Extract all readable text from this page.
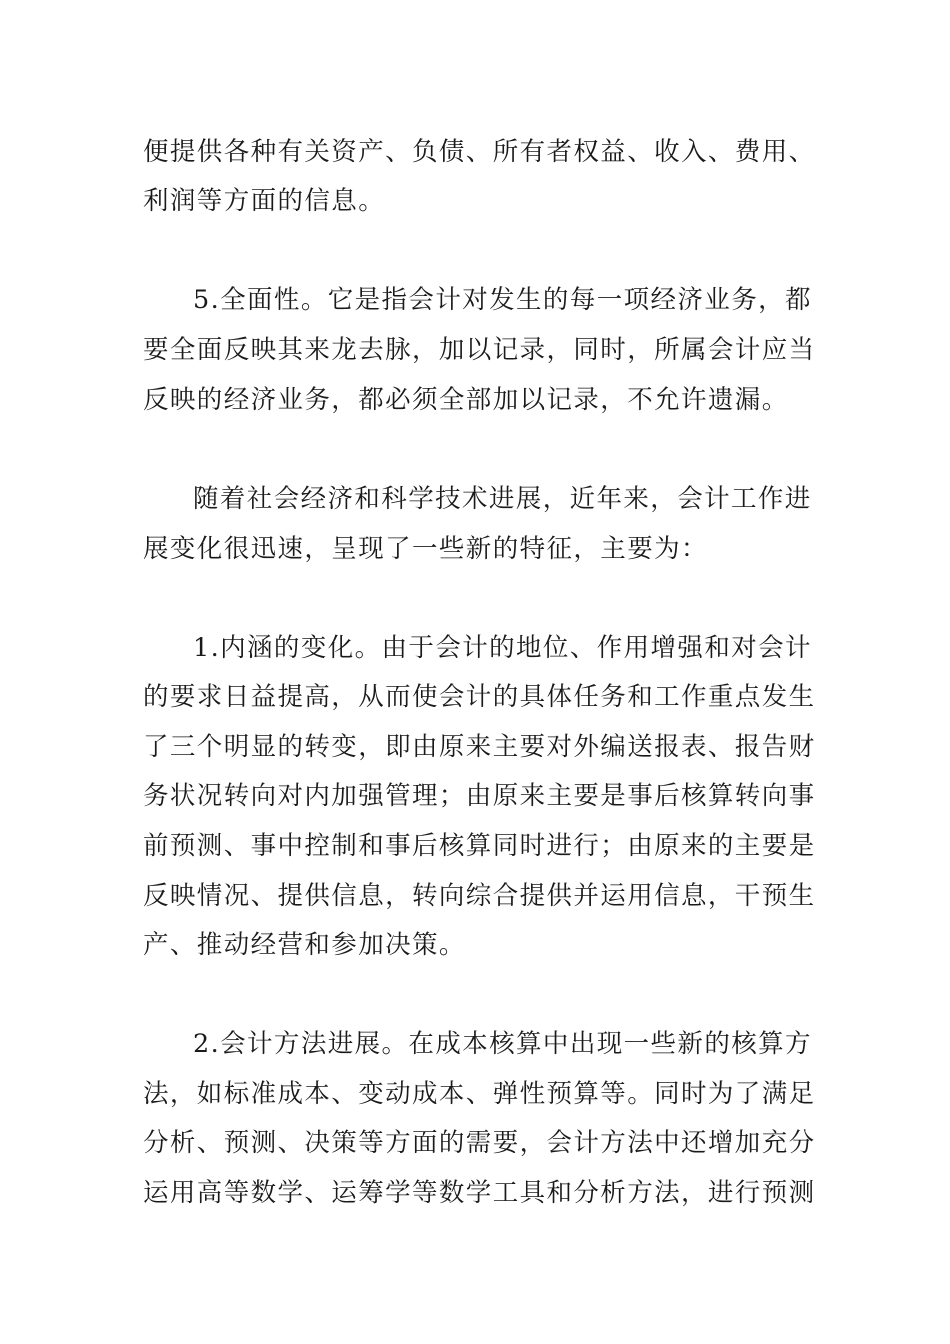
便提供各种有关资产、负债、所有者权益、收入、费用、
利润等方面的信息。
5.全面性。它是指会计对发生的每一项经济业务，都
要全面反映其来龙去脉，加以记录，同时，所属会计应当
反映的经济业务，都必须全部加以记录，不允许遗漏。
随着社会经济和科学技术进展，近年来，会计工作进
展变化很迅速，呈现了一些新的特征，主要为：
1.内涵的变化。由于会计的地位、作用增强和对会计
的要求日益提高，从而使会计的具体任务和工作重点发生
了三个明显的转变，即由原来主要对外编送报表、报告财
务状况转向对内加强管理；由原来主要是事后核算转向事
前预测、事中控制和事后核算同时进行；由原来的主要是
反映情况、提供信息，转向综合提供并运用信息，干预生
产、推动经营和参加决策。
2.会计方法进展。在成本核算中出现一些新的核算方
法，如标准成本、变动成本、弹性预算等。同时为了满足
分析、预测、决策等方面的需要，会计方法中还增加充分
运用高等数学、运筹学等数学工具和分析方法，进行预测
